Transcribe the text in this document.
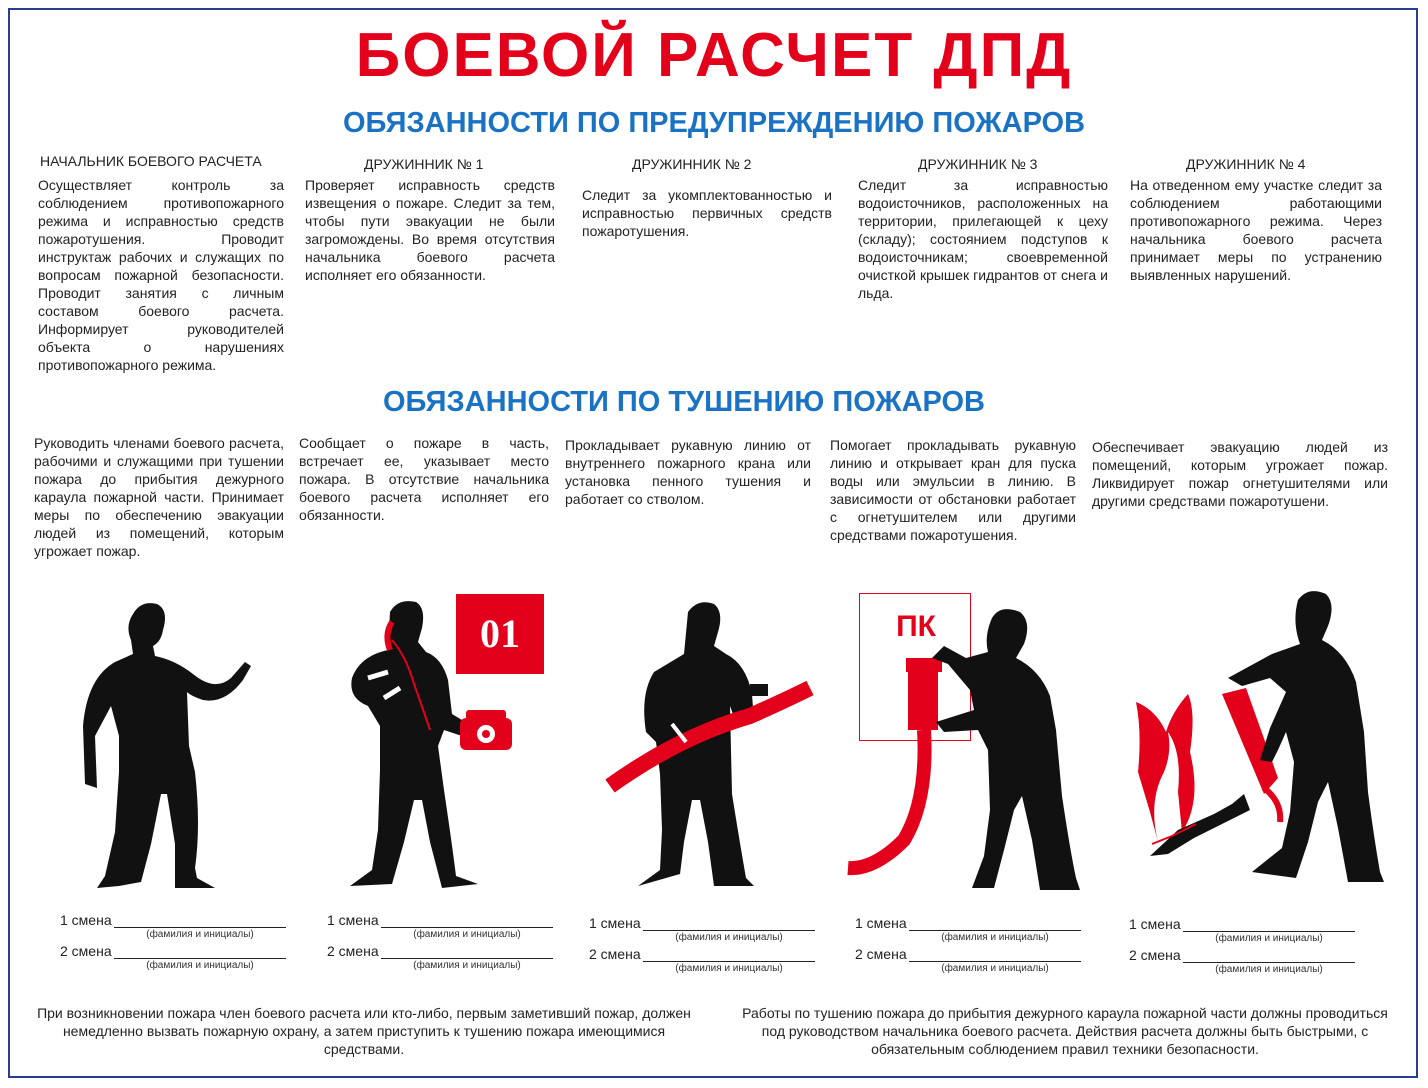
БОЕВОЙ РАСЧЕТ ДПД
ОБЯЗАННОСТИ ПО ПРЕДУПРЕЖДЕНИЮ ПОЖАРОВ
НАЧАЛЬНИК БОЕВОГО РАСЧЕТА	ДРУЖИННИК № 1	ДРУЖИННИК № 2	ДРУЖИННИК № 3	ДРУЖИННИК № 4
Осуществляет контроль за соблюдением противопожарного режима и исправностью средств пожаротушения. Проводит инструктаж рабочих и служащих по вопросам пожарной безопасности. Проводит занятия с личным составом боевого расчета. Информирует руководителей объекта о нарушениях противопожарного режима.
Проверяет исправность средств извещения о пожаре. Следит за тем, чтобы пути эвакуации не были загромождены. Во время отсутствия начальника боевого расчета исполняет его обязанности.
Следит за укомплектованностью и исправностью первичных средств пожаротушения.
Следит за исправностью водоисточников, расположенных на территории, прилегающей к цеху (складу); состоянием подступов к водоисточникам; своевременной очисткой крышек гидрантов от снега и льда.
На отведенном ему участке следит за соблюдением работающими противопожарного режима. Через начальника боевого расчета принимает меры по устранению выявленных нарушений.
ОБЯЗАННОСТИ ПО ТУШЕНИЮ ПОЖАРОВ
Руководить членами боевого расчета, рабочими и служащими при тушении пожара до прибытия дежурного караула пожарной части. Принимает меры по обеспечению эвакуации людей из помещений, которым угрожает пожар.
Сообщает о пожаре в часть, встречает ее, указывает место пожара. В отсутствие начальника боевого расчета исполняет его обязанности.
Прокладывает рукавную линию от внутреннего пожарного крана или установка пенного тушения и работает со стволом.
Помогает прокладывать рукавную линию и открывает кран для пуска воды или эмульсии в линию. В зависимости от обстановки работает с огнетушителем или другими средствами пожаротушения.
Обеспечивает эвакуацию людей из помещений, которым угрожает пожар. Ликвидирует пожар огнетушителями или другими средствами пожаротушени.
01	ПК
1 смена
(фамилия и инициалы)
2 смена
(фамилия и инициалы)
1 смена
(фамилия и инициалы)
2 смена
(фамилия и инициалы)
1 смена
(фамилия и инициалы)
2 смена
(фамилия и инициалы)
1 смена
(фамилия и инициалы)
2 смена
(фамилия и инициалы)
1 смена
(фамилия и инициалы)
2 смена
(фамилия и инициалы)
При возникновении пожара член боевого расчета или кто-либо, первым заметивший пожар, должен немедленно вызвать пожарную охрану, а затем приступить к тушению пожара имеющимися средствами.
Работы по тушению пожара до прибытия дежурного караула пожарной части должны проводиться под руководством начальника боевого расчета. Действия расчета должны быть быстрыми, с обязательным соблюдением правил техники безопасности.
